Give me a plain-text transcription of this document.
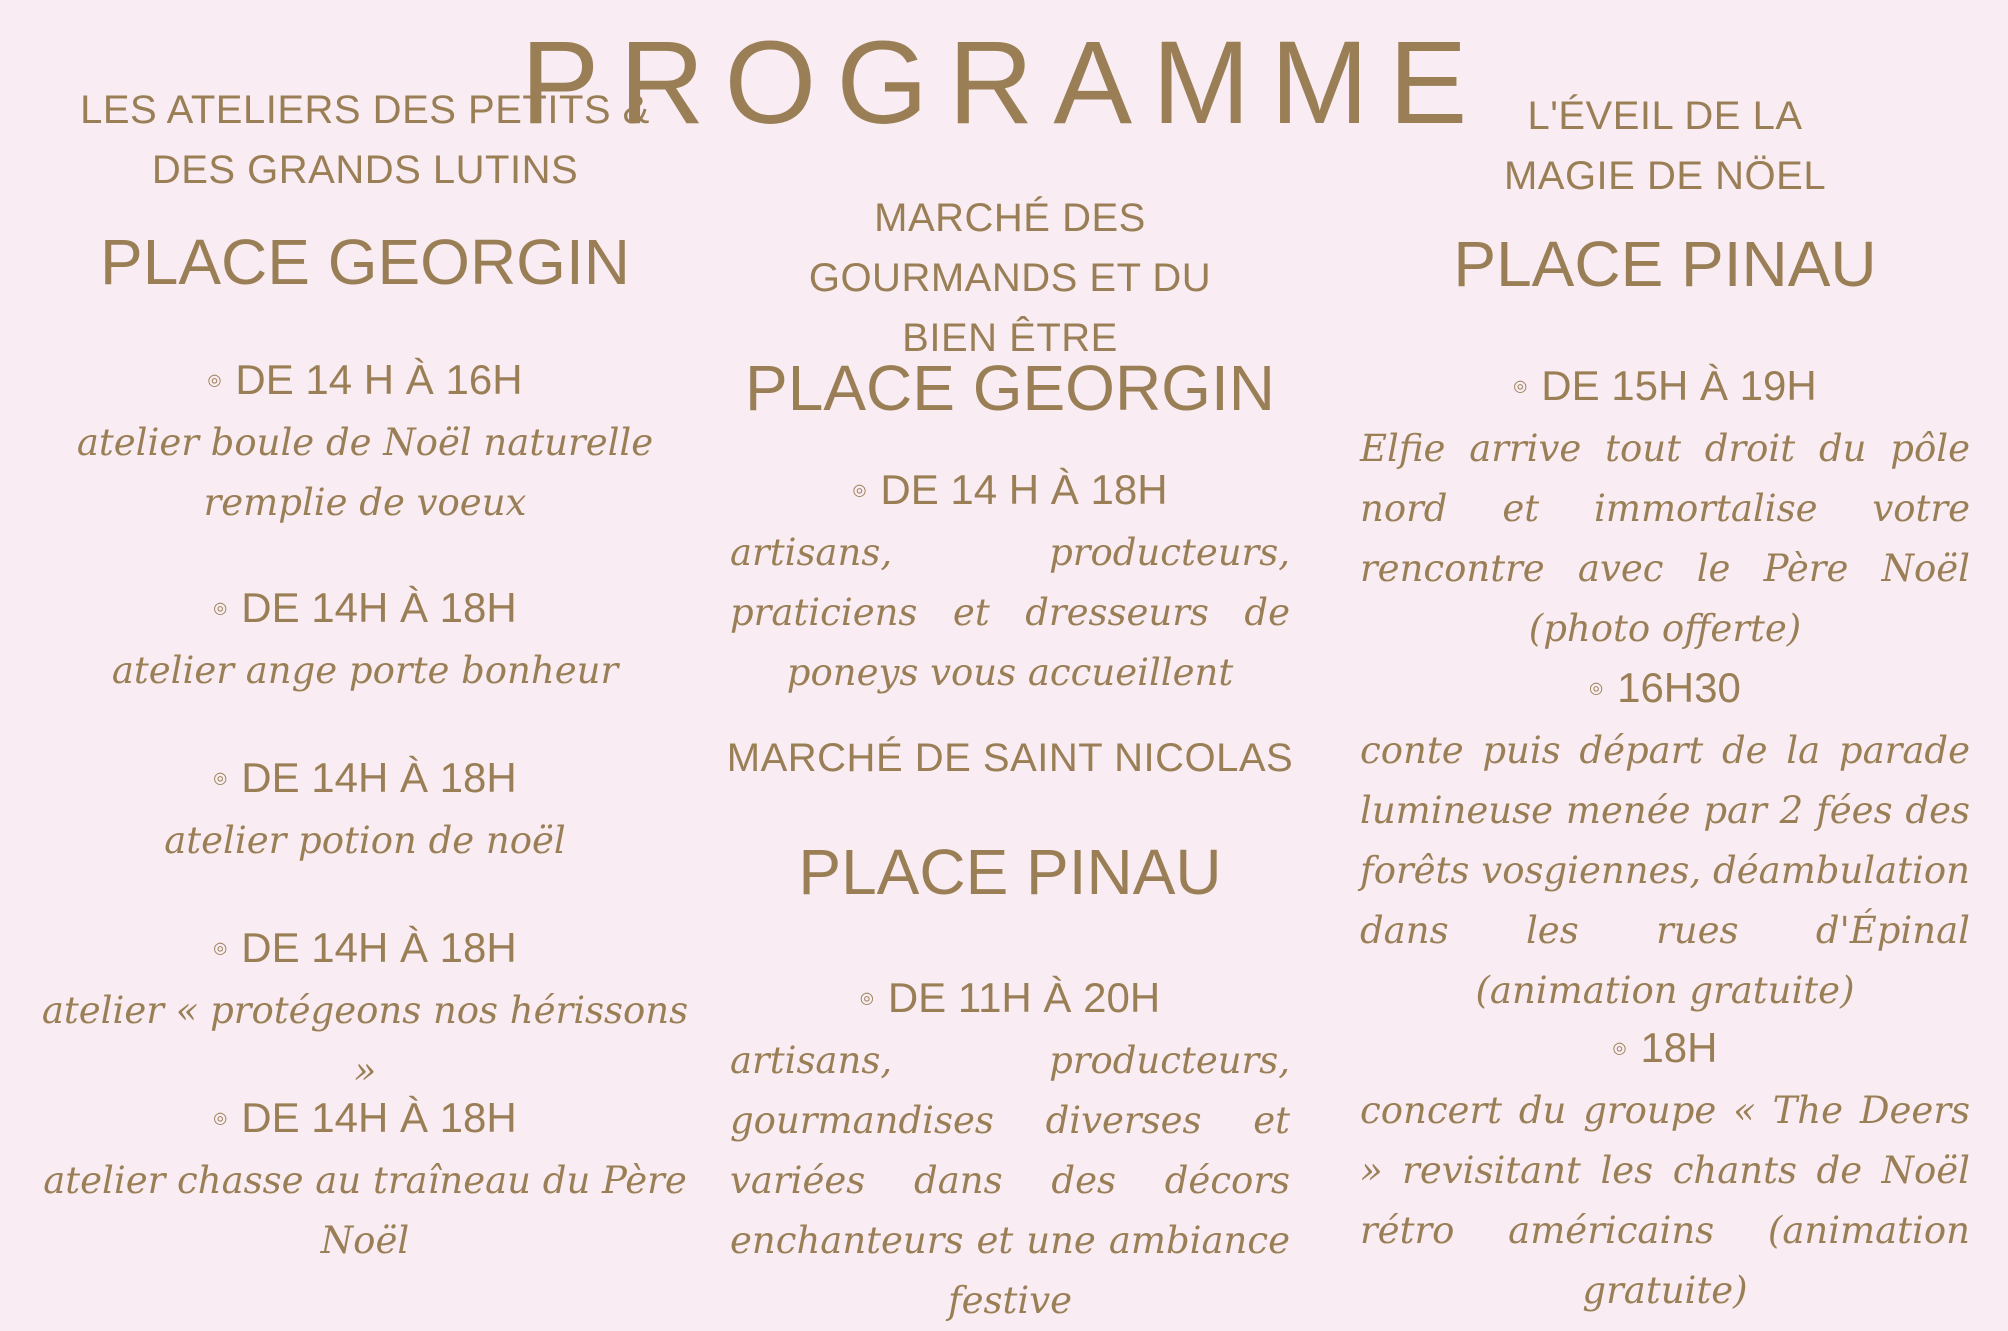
PROGRAMME
LES ATELIERS DES PETITS & DES GRANDS LUTINS
PLACE GEORGIN
◎ DE 14 H À 16H
atelier boule de Noël naturelle remplie de voeux
◎ DE 14H À 18H
atelier ange porte bonheur
◎ DE 14H À 18H
atelier potion de noël
◎ DE 14H À 18H
atelier « protégeons nos hérissons »
◎ DE 14H À 18H
atelier chasse au traîneau du Père Noël
MARCHÉ DES GOURMANDS ET DU BIEN ÊTRE
PLACE GEORGIN
◎ DE 14 H À 18H
artisans, producteurs, praticiens et dresseurs de poneys vous accueillent
MARCHÉ DE SAINT NICOLAS
PLACE PINAU
◎ DE 11H À 20H
artisans, producteurs, gourmandises diverses et variées dans des décors enchanteurs et une ambiance festive
L'ÉVEIL DE LA MAGIE DE NÖEL
PLACE PINAU
◎ DE 15H À 19H
Elfie arrive tout droit du pôle nord et immortalise votre rencontre avec le Père Noël (photo offerte)
◎ 16H30
conte puis départ de la parade lumineuse menée par 2 fées des forêts vosgiennes, déambulation dans les rues d'Épinal (animation gratuite)
◎ 18H
concert du groupe « The Deers » revisitant les chants de Noël rétro américains (animation gratuite)
